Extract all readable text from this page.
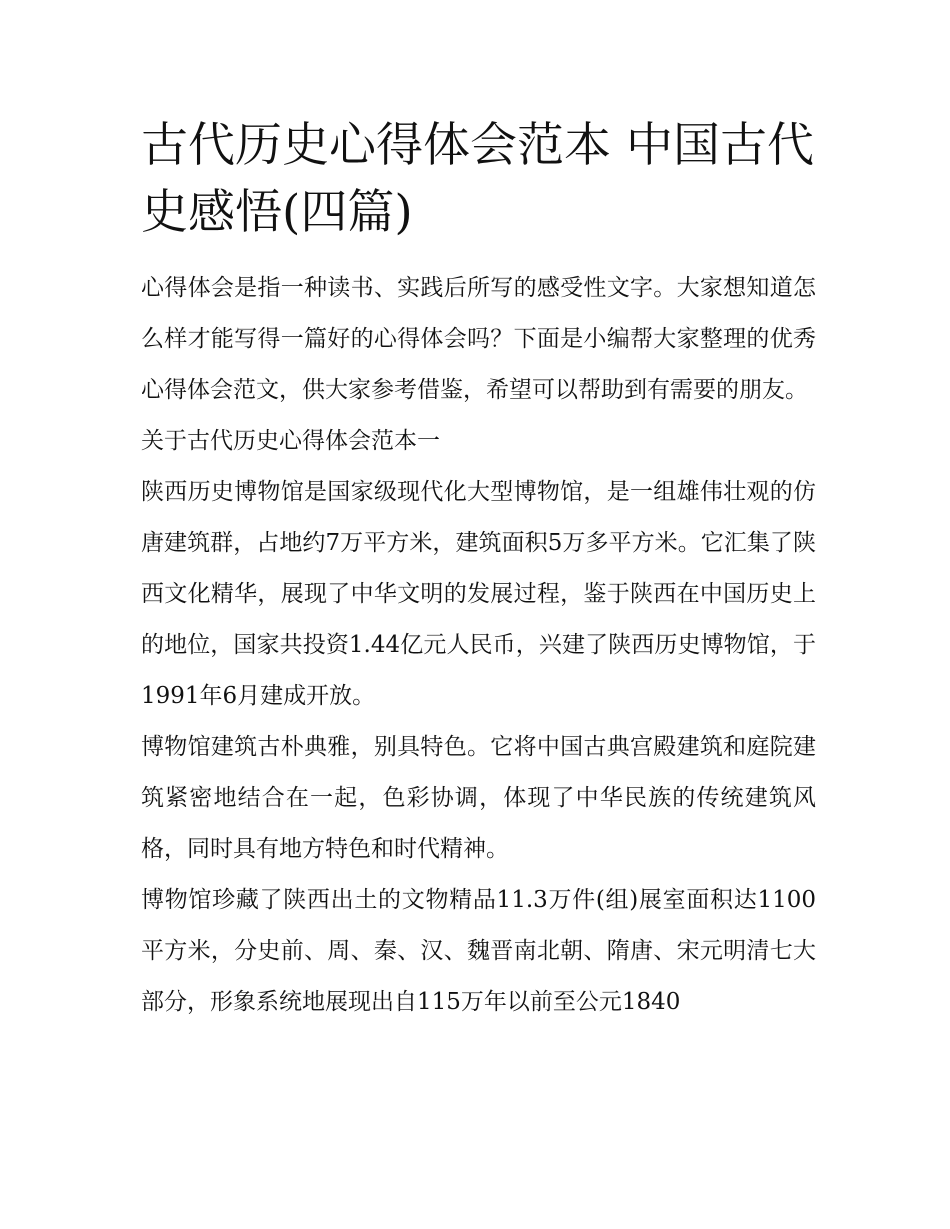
古代历史心得体会范本 中国古代史感悟(四篇)

心得体会是指一种读书、实践后所写的感受性文字。大家想知道怎么样才能写得一篇好的心得体会吗？下面是小编帮大家整理的优秀心得体会范文，供大家参考借鉴，希望可以帮助到有需要的朋友。

关于古代历史心得体会范本一

陕西历史博物馆是国家级现代化大型博物馆，是一组雄伟壮观的仿唐建筑群，占地约7万平方米，建筑面积5万多平方米。它汇集了陕西文化精华，展现了中华文明的发展过程，鉴于陕西在中国历史上的地位，国家共投资1.44亿元人民币，兴建了陕西历史博物馆，于1991年6月建成开放。

博物馆建筑古朴典雅，别具特色。它将中国古典宫殿建筑和庭院建筑紧密地结合在一起，色彩协调，体现了中华民族的传统建筑风格，同时具有地方特色和时代精神。

博物馆珍藏了陕西出土的文物精品11.3万件(组)展室面积达1100平方米，分史前、周、秦、汉、魏晋南北朝、隋唐、宋元明清七大部分，形象系统地展现出自115万年以前至公元1840
